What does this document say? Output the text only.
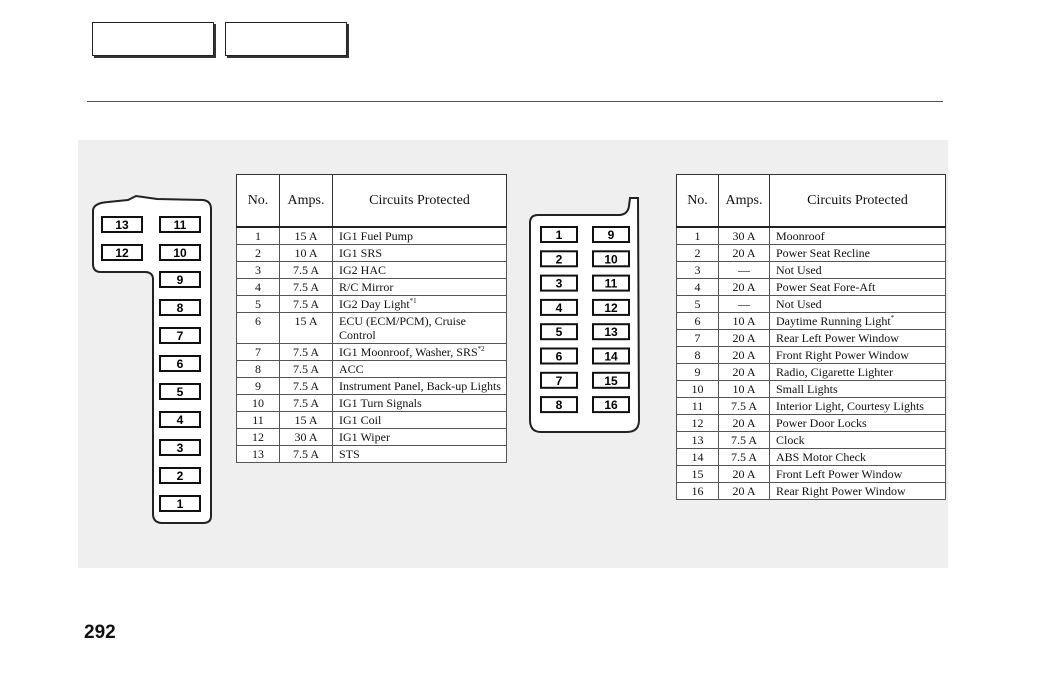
13	11
12	10
9
8
7
6
5
4
3
2
1
1	9
2	10
3	11
4	12
5	13
6	14
7	15
8	16
No.	Amps.	Circuits Protected
1	15 A	IG1 Fuel Pump
2	10 A	IG1 SRS
3	7.5 A	IG2 HAC
4	7.5 A	R/C Mirror
5	7.5 A	IG2 Day Light$^{*1}$
6	15 A	ECU (ECM/PCM), Cruise Control
7	7.5 A	IG1 Moonroof, Washer, SRS$^{*2}$
8	7.5 A	ACC
9	7.5 A	Instrument Panel, Back-up Lights
10	7.5 A	IG1 Turn Signals
11	15 A	IG1 Coil
12	30 A	IG1 Wiper
13	7.5 A	STS
No.	Amps.	Circuits Protected
1	30 A	Moonroof
2	20 A	Power Seat Recline
3	—	Not Used
4	20 A	Power Seat Fore-Aft
5	—	Not Used
6	10 A	Daytime Running Light*
7	20 A	Rear Left Power Window
8	20 A	Front Right Power Window
9	20 A	Radio, Cigarette Lighter
10	10 A	Small Lights
11	7.5 A	Interior Light, Courtesy Lights
12	20 A	Power Door Locks
13	7.5 A	Clock
14	7.5 A	ABS Motor Check
15	20 A	Front Left Power Window
16	20 A	Rear Right Power Window
292
